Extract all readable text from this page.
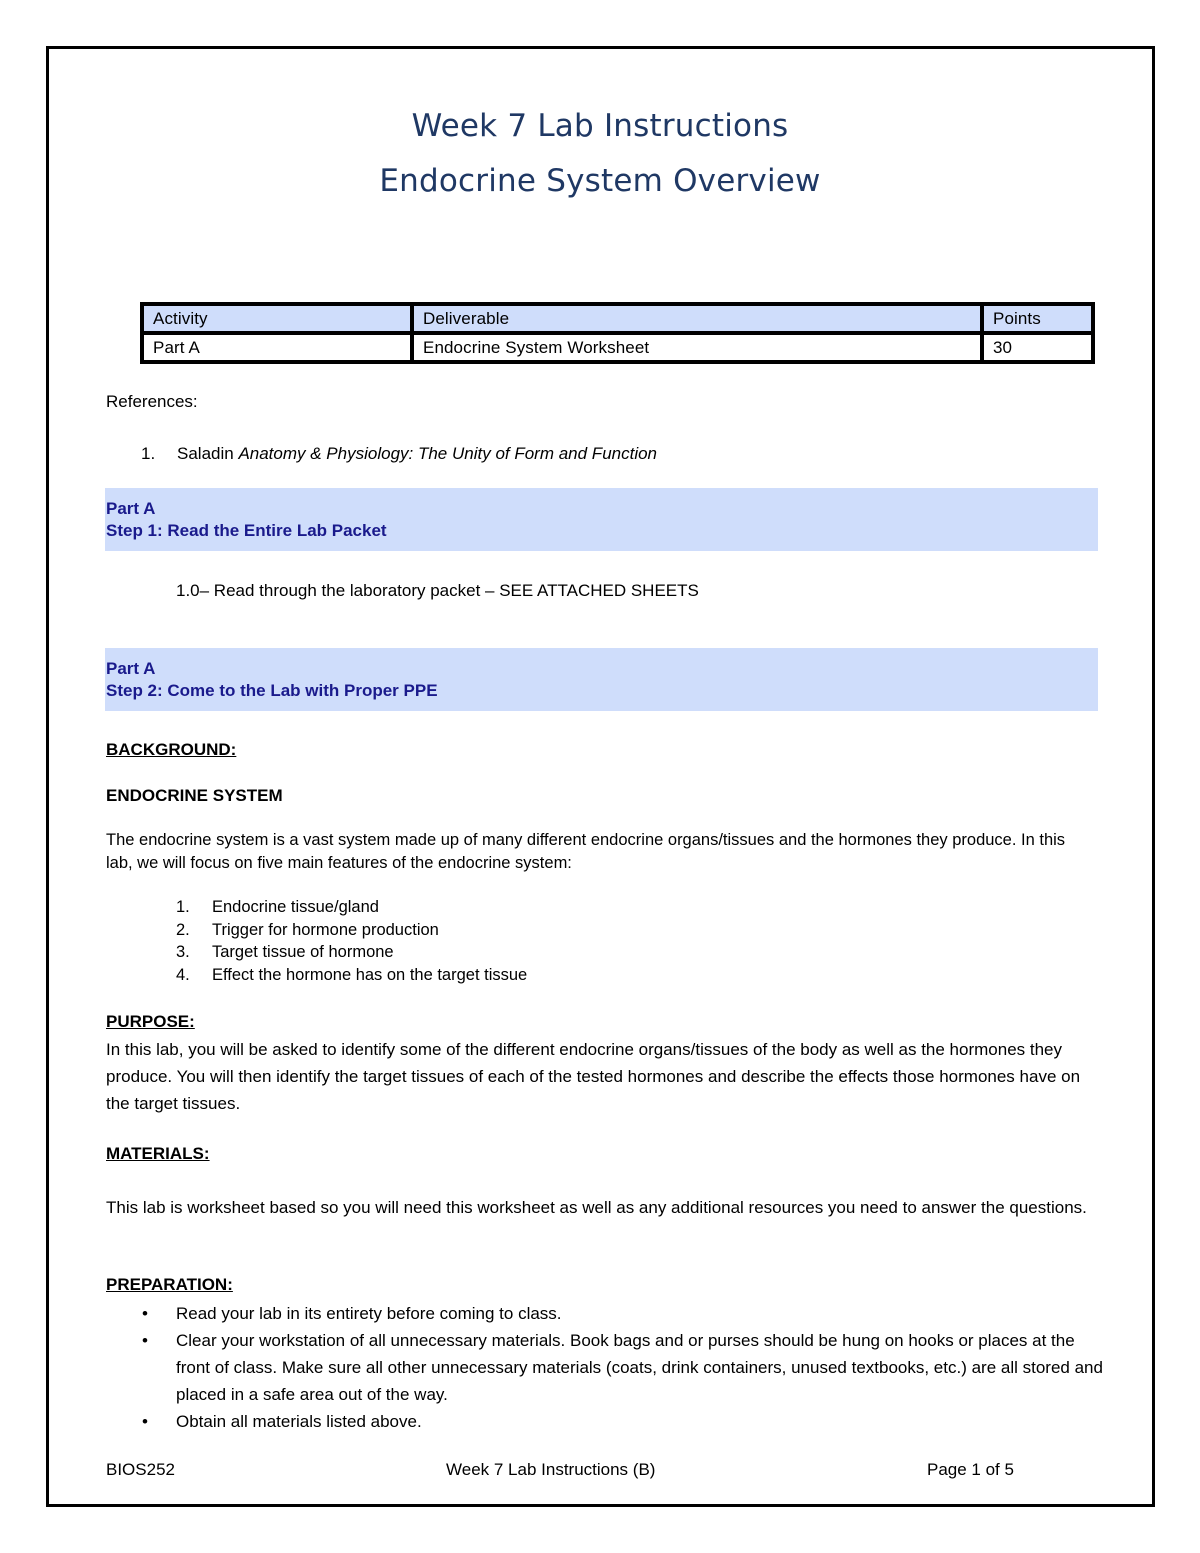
Week 7 Lab Instructions
Endocrine System Overview
Activity	Deliverable	Points
Part A	Endocrine System Worksheet	30
References:
1. Saladin Anatomy & Physiology: The Unity of Form and Function
Part A
Step 1: Read the Entire Lab Packet
1.0– Read through the laboratory packet – SEE ATTACHED SHEETS
Part A
Step 2: Come to the Lab with Proper PPE
BACKGROUND:
ENDOCRINE SYSTEM
The endocrine system is a vast system made up of many different endocrine organs/tissues and the hormones they produce. In this lab, we will focus on five main features of the endocrine system:
1. Endocrine tissue/gland
2. Trigger for hormone production
3. Target tissue of hormone
4. Effect the hormone has on the target tissue
PURPOSE:
In this lab, you will be asked to identify some of the different endocrine organs/tissues of the body as well as the hormones they produce. You will then identify the target tissues of each of the tested hormones and describe the effects those hormones have on the target tissues.
MATERIALS:
This lab is worksheet based so you will need this worksheet as well as any additional resources you need to answer the questions.
PREPARATION:
• Read your lab in its entirety before coming to class.
• Clear your workstation of all unnecessary materials. Book bags and or purses should be hung on hooks or places at the front of class. Make sure all other unnecessary materials (coats, drink containers, unused textbooks, etc.) are all stored and placed in a safe area out of the way.
• Obtain all materials listed above.
BIOS252	Week 7 Lab Instructions (B)	Page 1 of 5
